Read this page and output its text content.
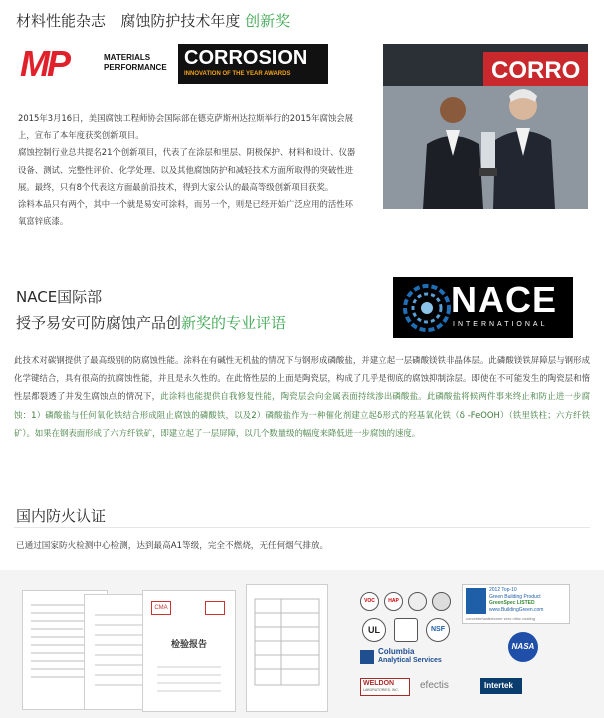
材料性能杂志 腐蚀防护技术年度 创新奖
MP	MATERIALS
PERFORMANCE CORROSION
INNOVATION OF THE YEAR AWARDS	CORRO

2015年3月16日，美国腐蚀工程师协会国际部在德克萨斯州达拉斯举行的2015年腐蚀会展上，宣布了本年度获奖创新项目。

腐蚀控制行业总共提名21个创新项目，代表了在涂层和里层、阴极保护、材料和设计、仪器设备、测试、完整性评价、化学处理、以及其他腐蚀防护和减轻技术方面所取得的突破性进展。最终，只有8个代表这方面最前沿技术，得到大家公认的最高等级创新项目获奖。

涂料本品只有两个，其中一个就是易安可涂料，而另一个，则是已经开始广泛应用的活性环氧富锌底漆。

NACE国际部
授予易安可防腐蚀产品创新奖的专业评语
NACE
INTERNATIONAL
此技术对碳钢提供了最高级别的防腐蚀性能。涂料在有碱性无机盐的情况下与钢形成磷酸盐，并建立起一层磷酸镁铁非晶体层。此磷酸镁铁屏障层与钢形成化学键结合，具有很高的抗腐蚀性能，并且是永久性的。在此惰性层的上面是陶瓷层，构成了几乎是彻底的腐蚀抑制涂层。即使在不可能发生的陶瓷层和惰性层都裂透了并发生腐蚀点的情况下，此涂料也能提供自我修复性能，陶瓷层会向金属表面持续渗出磷酸盐。此磷酸盐将候两件事来终止和防止进一步腐蚀：1）磷酸盐与任何氧化铁结合形成阻止腐蚀的磷酸铁，以及2）磷酸盐作为一种催化剂建立起δ形式的羟基氧化铁（δ -FeOOH）（铁里铁柱；六方纤铁矿）。如果在钢表面形成了六方纤铁矿，即建立起了一层屏障，以几个数量级的幅度来降低进一步腐蚀的速度。
国内防火认证
已通过国家防火检测中心检测，达到最高A1等级，完全不燃烧，无任何烟气排放。
CMA
检验报告
VOC	HAP
2012 Top-10
Green Building Product
GreenSpec LISTED
www.BuildingGreen.com
concrete/waterborne zero nitric coating
UL	NSF
Columbia
Analytical Services
NASA
WELDON
LABORATORIES, INC. efectis	Intertek
